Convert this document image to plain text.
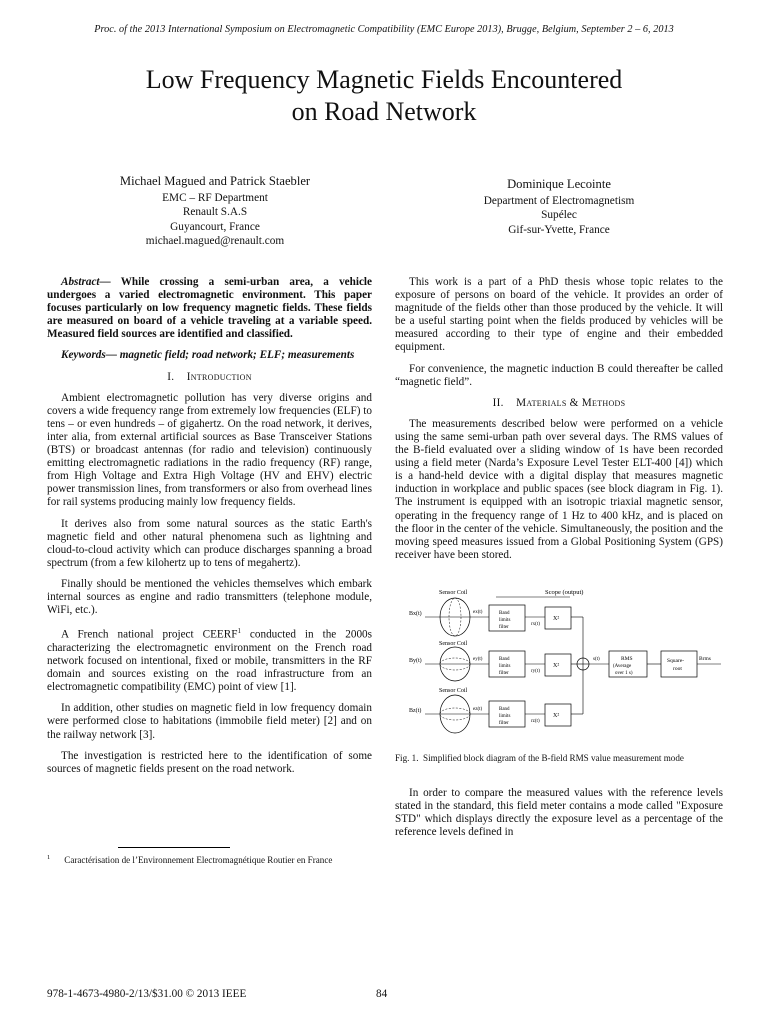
Proc. of the 2013 International Symposium on Electromagnetic Compatibility (EMC Europe 2013), Brugge, Belgium, September 2 – 6, 2013
Low Frequency Magnetic Fields Encountered
on Road Network
Michael Magued and Patrick Staebler
EMC – RF Department
Renault S.A.S
Guyancourt, France
michael.magued@renault.com
Dominique Lecointe
Department of Electromagnetism
Supélec
Gif-sur-Yvette, France

Abstract— While crossing a semi-urban area, a vehicle undergoes a varied electromagnetic environment. This paper focuses particularly on low frequency magnetic fields. These fields are measured on board of a vehicle traveling at a variable speed. Measured field sources are identified and classified.

Keywords— magnetic field; road network; ELF; measurements

I. Introduction

Ambient electromagnetic pollution has very diverse origins and covers a wide frequency range from extremely low frequencies (ELF) to tens – or even hundreds – of gigahertz. On the road network, it derives, inter alia, from external artificial sources as Base Transceiver Stations (BTS) or broadcast antennas (for radio and television) continuously emitting electromagnetic radiations in the radio frequency (RF) range, from High Voltage and Extra High Voltage (HV and EHV) electric power transmission lines, from transformers or also from overhead lines for rail systems producing mainly low frequency fields.

It derives also from some natural sources as the static Earth's magnetic field and other natural phenomena such as lightning and cloud-to-cloud activity which can produce discharges spanning a broad spectrum (from a few kilohertz up to tens of megahertz).

Finally should be mentioned the vehicles themselves which embark internal sources as engine and radio transmitters (telephone module, WiFi, etc.).

A French national project CEERF$^1$ conducted in the 2000s characterizing the electromagnetic environment on the French road network focused on intentional, fixed or mobile, transmitters in the RF domain and sources existing on the road infrastructure from an electromagnetic compatibility (EMC) point of view [1].

In addition, other studies on magnetic field in low frequency domain were performed close to habitations (immobile field meter) [2] and on the railway network [3].

The investigation is restricted here to the identification of some sources of magnetic fields present on the road network.

$^1$ Caractérisation de l’Environnement Electromagnétique Routier en France

This work is a part of a PhD thesis whose topic relates to the exposure of persons on board of the vehicle. It provides an order of magnitude of the fields other than those produced by the vehicle. It will be a useful starting point when the fields produced by vehicles will be measured according to their type of engine and their embedded equipment.

For convenience, the magnetic induction B could thereafter be called “magnetic field”.

II. Materials & Methods

The measurements described below were performed on a vehicle using the same semi-urban path over several days. The RMS values of the B-field evaluated over a sliding window of 1s have been recorded using a field meter (Narda’s Exposure Level Tester ELT-400 [4]) which is a hand-held device with a digital display that measures magnetic induction in workplace and public spaces (see block diagram in Fig. 1). The instrument is equipped with an isotropic triaxial magnetic sensor, operating in the frequency range of 1 Hz to 400 kHz, and is placed on the floor in the center of the vehicle. Simultaneously, the position and the moving speed measures issued from a Global Positioning System (GPS) receiver have been stored.

Scope (output)
Sensor Coil
Bx(t)	ex(t)	Band
limits
filter
rx(t)
X²
Sensor Coil
By(t)	ey(t)	Band
limits
filter	ry(t)
X²
Sensor Coil
Bz(t)	ez(t)	Band
limits
filter	rz(t)
X²
s(t)	RMS
(Average
over 1 s)
Square-
root
Brms
Fig. 1. Simplified block diagram of the B-field RMS value measurement mode

In order to compare the measured values with the reference levels stated in the standard, this field meter contains a mode called "Exposure STD" which displays directly the exposure level as a percentage of the reference levels defined in

978-1-4673-4980-2/13/$31.00 © 2013 IEEE	84
